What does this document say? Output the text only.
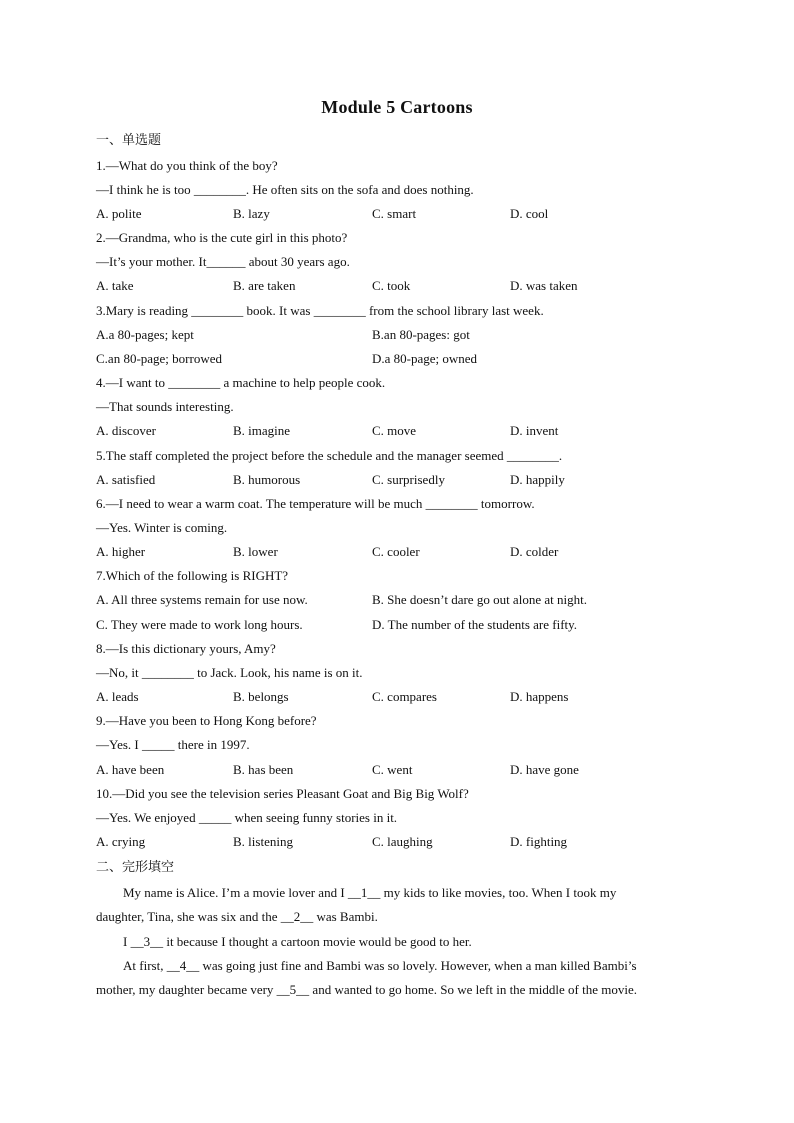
Module 5 Cartoons
一、单选题
1.—What do you think of the boy?
—I think he is too ________. He often sits on the sofa and does nothing.
A. polite	B. lazy	C. smart	D. cool
2.—Grandma, who is the cute girl in this photo?
—It’s your mother. It______ about 30 years ago.
A. take	B. are taken	C. took	D. was taken
3.Mary is reading ________ book. It was ________ from the school library last week.
A.a 80-pages; kept	B.an 80-pages: got
C.an 80-page; borrowed	D.a 80-page; owned
4.—I want to ________ a machine to help people cook.
—That sounds interesting.
A. discover	B. imagine	C. move	D. invent
5.The staff completed the project before the schedule and the manager seemed ________.
A. satisfied	B. humorous	C. surprisedly	D. happily
6.—I need to wear a warm coat. The temperature will be much ________ tomorrow.
—Yes. Winter is coming.
A. higher	B. lower	C. cooler	D. colder
7.Which of the following is RIGHT?
A. All three systems remain for use now.	B. She doesn’t dare go out alone at night.
C. They were made to work long hours.	D. The number of the students are fifty.
8.—Is this dictionary yours, Amy?
—No, it ________ to Jack. Look, his name is on it.
A. leads	B. belongs	C. compares	D. happens
9.—Have you been to Hong Kong before?
—Yes. I _____ there in 1997.
A. have been	B. has been	C. went	D. have gone
10.—Did you see the television series Pleasant Goat and Big Big Wolf?
—Yes. We enjoyed _____ when seeing funny stories in it.
A. crying	B. listening	C. laughing	D. fighting
二、完形填空
My name is Alice. I’m a movie lover and I __1__ my kids to like movies, too. When I took my
daughter, Tina, she was six and the __2__ was Bambi.
I __3__ it because I thought a cartoon movie would be good to her.
At first, __4__ was going just fine and Bambi was so lovely. However, when a man killed Bambi’s
mother, my daughter became very __5__ and wanted to go home. So we left in the middle of the movie.
